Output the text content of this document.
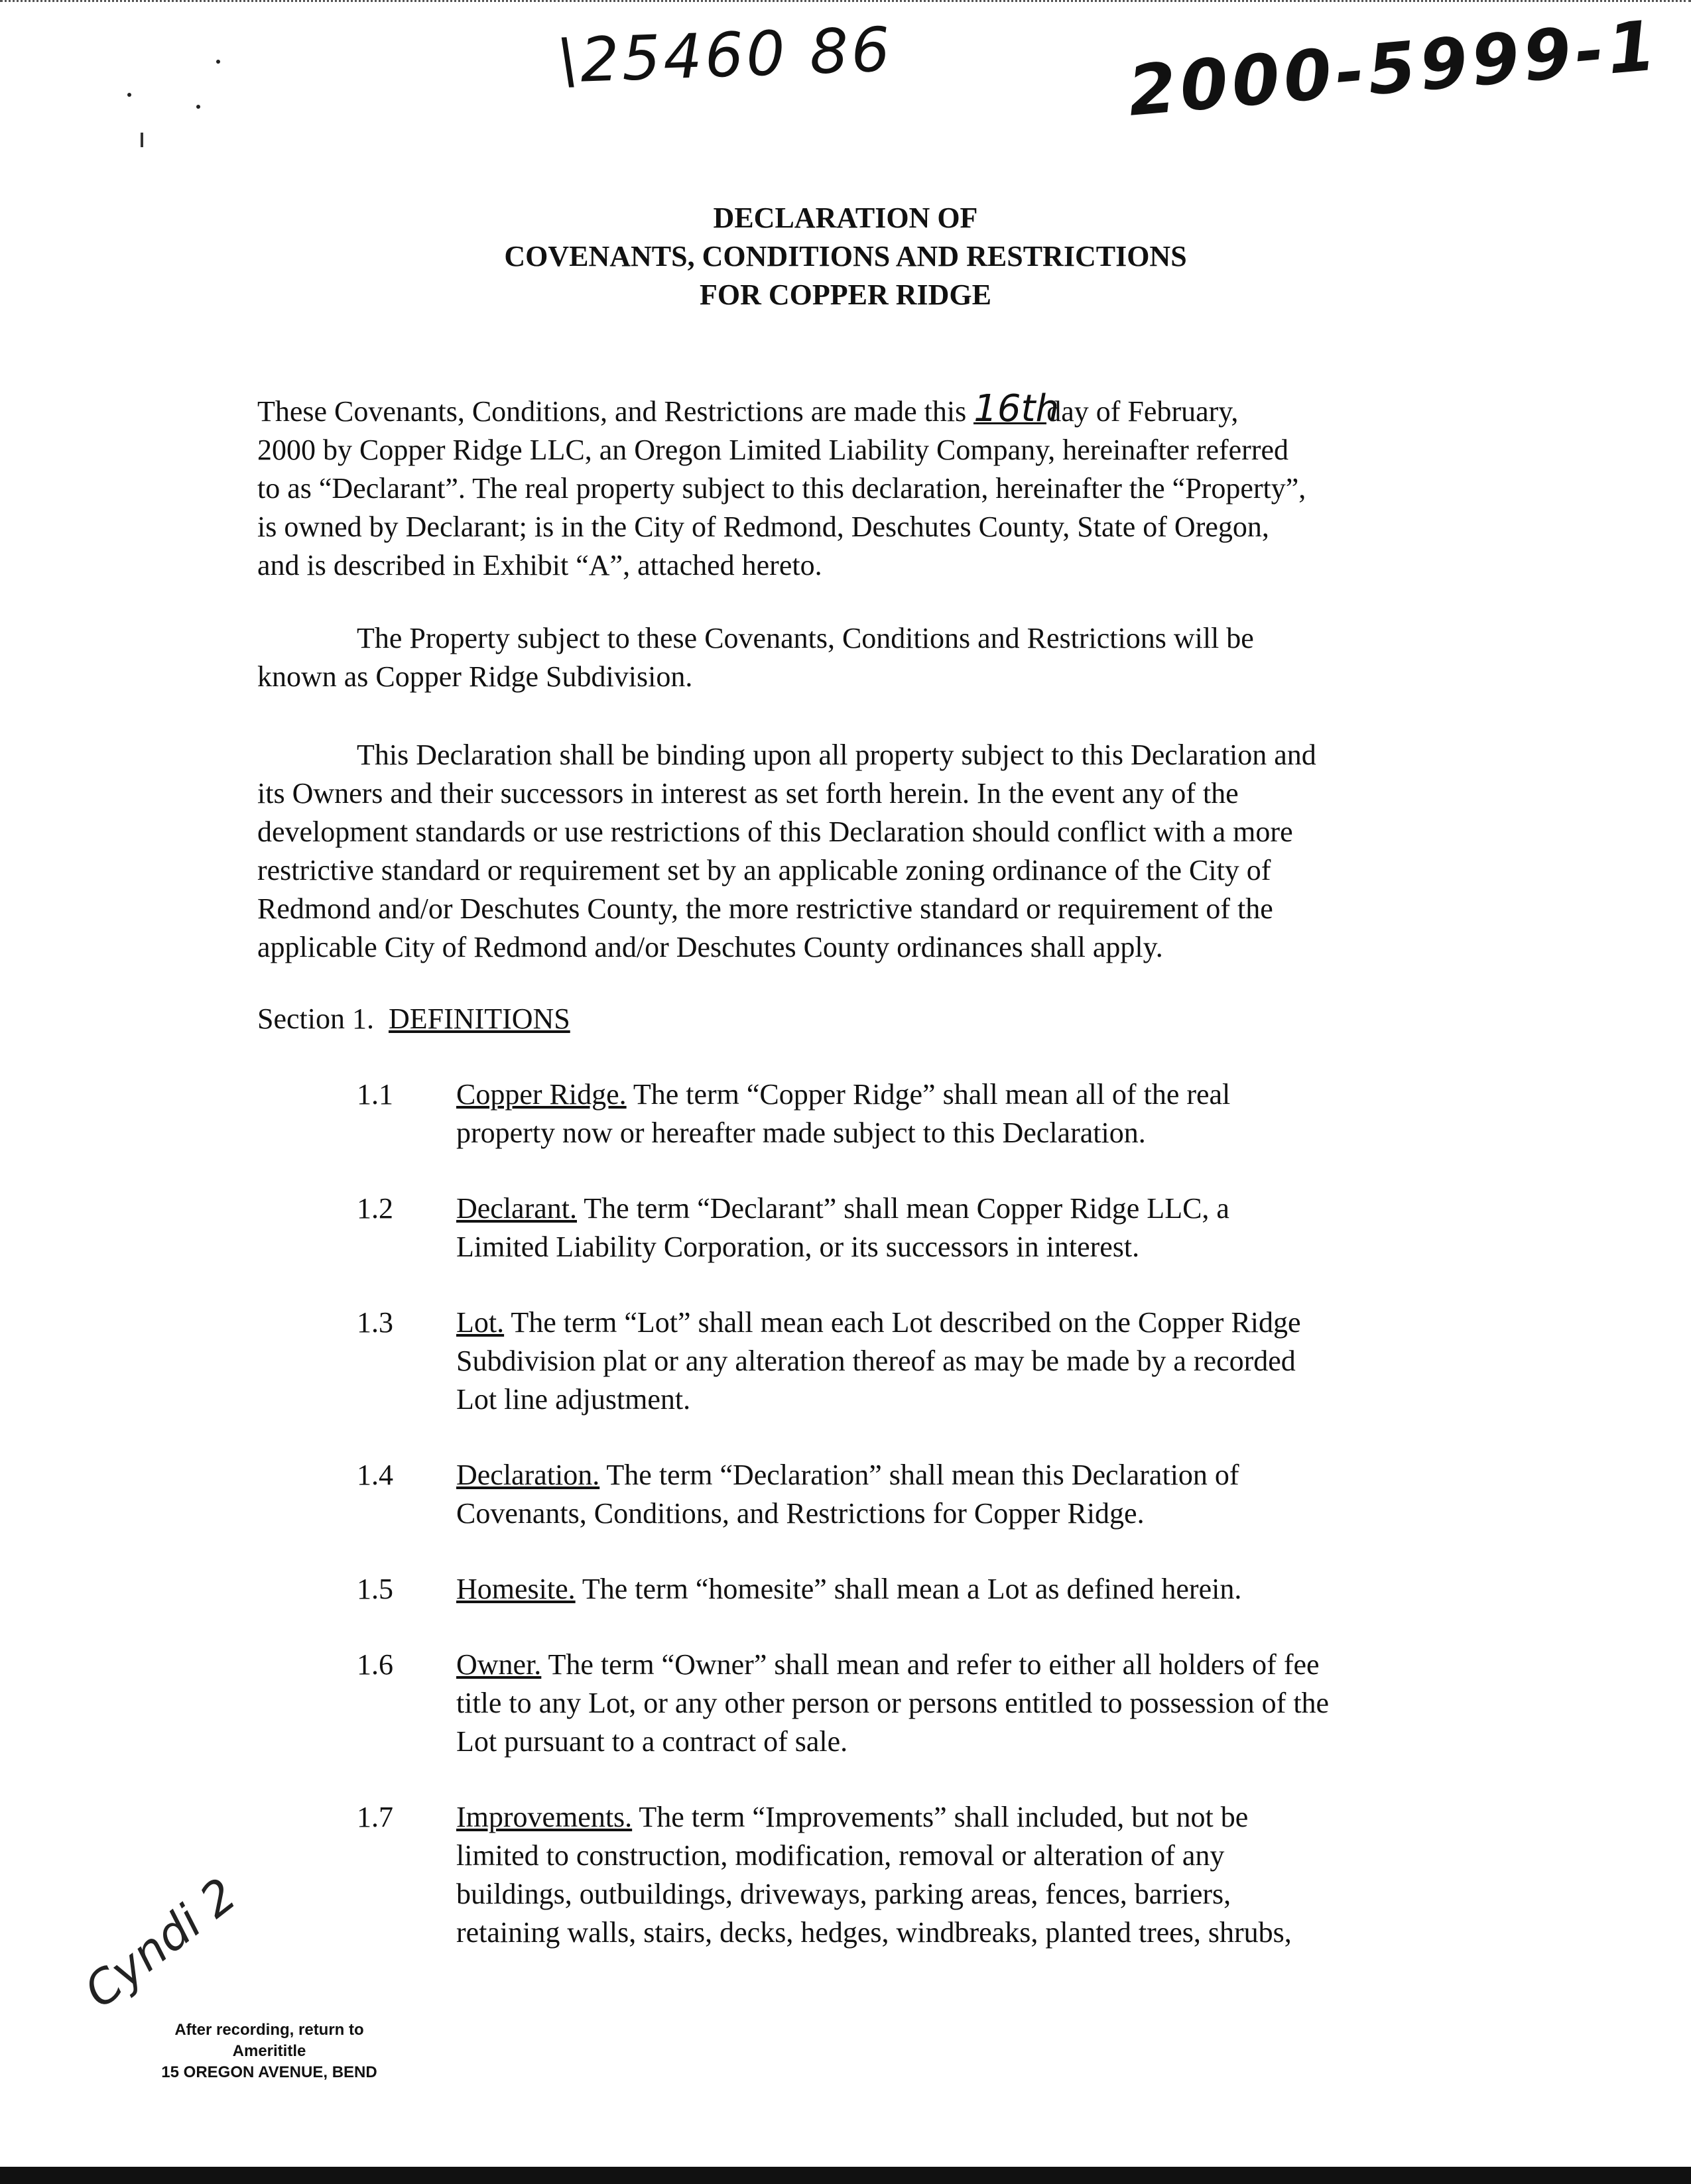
\25460 86	2000-5999-1
DECLARATION OF
COVENANTS, CONDITIONS AND RESTRICTIONS
FOR COPPER RIDGE
These Covenants, Conditions, and Restrictions are made this 16thday of February,
2000 by Copper Ridge LLC, an Oregon Limited Liability Company, hereinafter referred
to as “Declarant”. The real property subject to this declaration, hereinafter the “Property”,
is owned by Declarant; is in the City of Redmond, Deschutes County, State of Oregon,
and is described in Exhibit “A”, attached hereto.
The Property subject to these Covenants, Conditions and Restrictions will be
known as Copper Ridge Subdivision.
This Declaration shall be binding upon all property subject to this Declaration and
its Owners and their successors in interest as set forth herein. In the event any of the
development standards or use restrictions of this Declaration should conflict with a more
restrictive standard or requirement set by an applicable zoning ordinance of the City of
Redmond and/or Deschutes County, the more restrictive standard or requirement of the
applicable City of Redmond and/or Deschutes County ordinances shall apply.
Section 1. DEFINITIONS
1.1 Copper Ridge. The term “Copper Ridge” shall mean all of the real
property now or hereafter made subject to this Declaration.
1.2 Declarant. The term “Declarant” shall mean Copper Ridge LLC, a
Limited Liability Corporation, or its successors in interest.
1.3 Lot. The term “Lot” shall mean each Lot described on the Copper Ridge
Subdivision plat or any alteration thereof as may be made by a recorded
Lot line adjustment.
1.4 Declaration. The term “Declaration” shall mean this Declaration of
Covenants, Conditions, and Restrictions for Copper Ridge.
1.5 Homesite. The term “homesite” shall mean a Lot as defined herein.
1.6 Owner. The term “Owner” shall mean and refer to either all holders of fee
title to any Lot, or any other person or persons entitled to possession of the
Lot pursuant to a contract of sale.
1.7 Improvements. The term “Improvements” shall included, but not be
limited to construction, modification, removal or alteration of any
buildings, outbuildings, driveways, parking areas, fences, barriers,
retaining walls, stairs, decks, hedges, windbreaks, planted trees, shrubs,
Cyndi 2
After recording, return to
Amerititle
15 OREGON AVENUE, BEND
